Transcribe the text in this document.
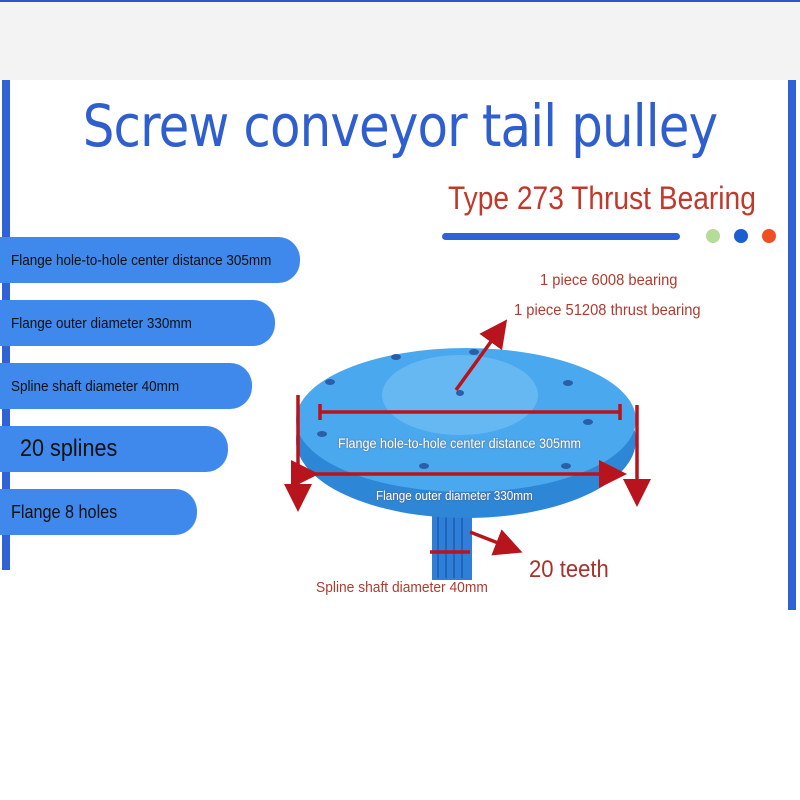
Screw conveyor tail pulley
Type 273 Thrust Bearing
Flange hole-to-hole center distance 305mm
Flange outer diameter 330mm
Spline shaft diameter 40mm
20 splines
Flange 8 holes
1 piece 6008 bearing
1 piece 51208 thrust bearing
Flange hole-to-hole center distance 305mm
Flange outer diameter 330mm
Spline shaft diameter 40mm
20 teeth
